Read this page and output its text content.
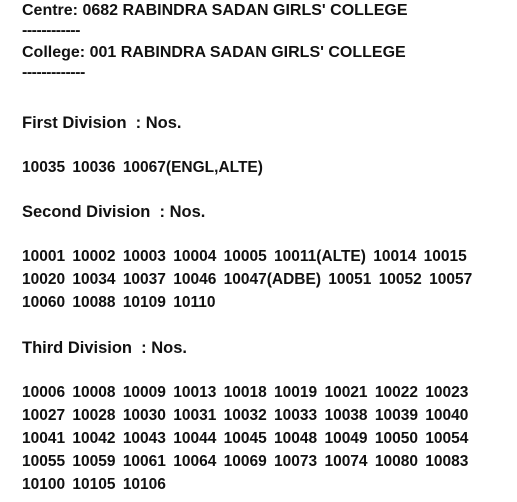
Centre: 0682 RABINDRA SADAN GIRLS' COLLEGE
------------
College: 001 RABINDRA SADAN GIRLS' COLLEGE
-------------
First Division  : Nos.
10035 10036 10067(ENGL,ALTE)
Second Division  : Nos.
10001 10002 10003 10004 10005 10011(ALTE) 10014 10015 10020 10034 10037 10046 10047(ADBE) 10051 10052 10057 10060 10088 10109 10110
Third Division  : Nos.
10006 10008 10009 10013 10018 10019 10021 10022 10023 10027 10028 10030 10031 10032 10033 10038 10039 10040 10041 10042 10043 10044 10045 10048 10049 10050 10054 10055 10059 10061 10064 10069 10073 10074 10080 10083 10100 10105 10106
